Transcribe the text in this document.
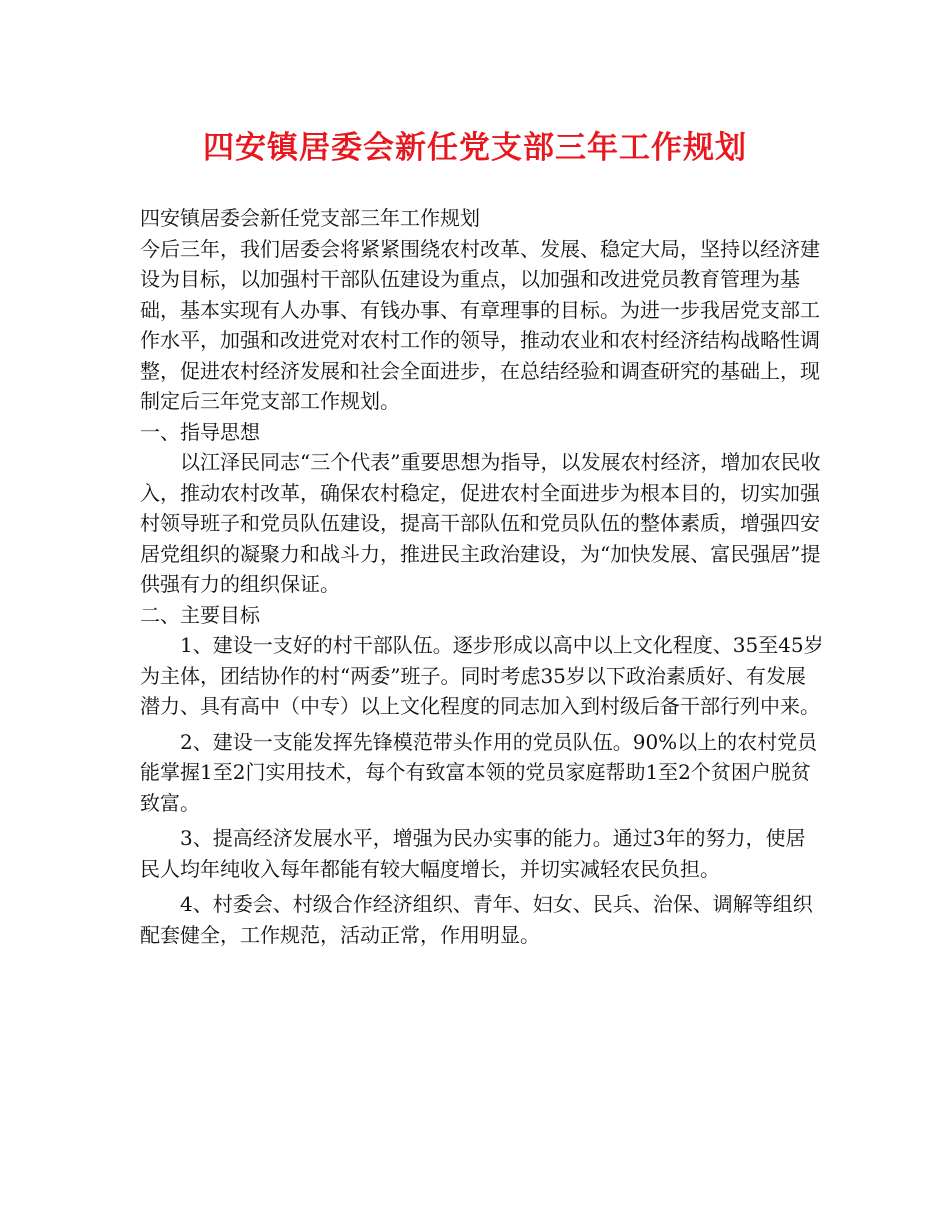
四安镇居委会新任党支部三年工作规划

四安镇居委会新任党支部三年工作规划

今后三年，我们居委会将紧紧围绕农村改革、发展、稳定大局，坚持以经济建设为目标，以加强村干部队伍建设为重点，以加强和改进党员教育管理为基础，基本实现有人办事、有钱办事、有章理事的目标。为进一步我居党支部工作水平，加强和改进党对农村工作的领导，推动农业和农村经济结构战略性调整，促进农村经济发展和社会全面进步，在总结经验和调查研究的基础上，现制定后三年党支部工作规划。

一、指导思想

以江泽民同志“三个代表”重要思想为指导，以发展农村经济，增加农民收入，推动农村改革，确保农村稳定，促进农村全面进步为根本目的，切实加强村领导班子和党员队伍建设，提高干部队伍和党员队伍的整体素质，增强四安居党组织的凝聚力和战斗力，推进民主政治建设，为“加快发展、富民强居”提供强有力的组织保证。

二、主要目标

1、建设一支好的村干部队伍。逐步形成以高中以上文化程度、35至45岁为主体，团结协作的村“两委”班子。同时考虑35岁以下政治素质好、有发展潜力、具有高中（中专）以上文化程度的同志加入到村级后备干部行列中来。

2、建设一支能发挥先锋模范带头作用的党员队伍。90%以上的农村党员能掌握1至2门实用技术，每个有致富本领的党员家庭帮助1至2个贫困户脱贫致富。

3、提高经济发展水平，增强为民办实事的能力。通过3年的努力，使居民人均年纯收入每年都能有较大幅度增长，并切实减轻农民负担。

4、村委会、村级合作经济组织、青年、妇女、民兵、治保、调解等组织配套健全，工作规范，活动正常，作用明显。
